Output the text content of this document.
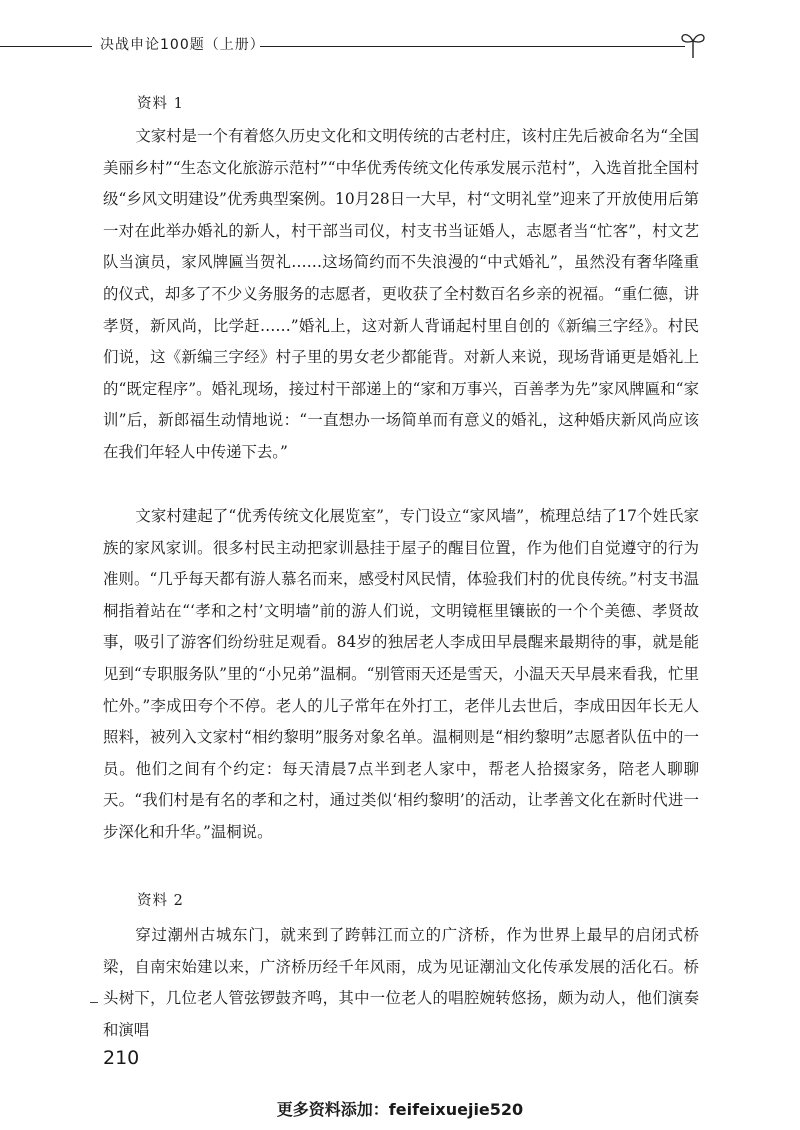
决战申论100题（上册）
资料 1

文家村是一个有着悠久历史文化和文明传统的古老村庄，该村庄先后被命名为“全国美丽乡村”“生态文化旅游示范村”“中华优秀传统文化传承发展示范村”，入选首批全国村级“乡风文明建设”优秀典型案例。10月28日一大早，村“文明礼堂”迎来了开放使用后第一对在此举办婚礼的新人，村干部当司仪，村支书当证婚人，志愿者当“忙客”，村文艺队当演员，家风牌匾当贺礼……这场简约而不失浪漫的“中式婚礼”，虽然没有奢华隆重的仪式，却多了不少义务服务的志愿者，更收获了全村数百名乡亲的祝福。“重仁德，讲孝贤，新风尚，比学赶……”婚礼上，这对新人背诵起村里自创的《新编三字经》。村民们说，这《新编三字经》村子里的男女老少都能背。对新人来说，现场背诵更是婚礼上的“既定程序”。婚礼现场，接过村干部递上的“家和万事兴，百善孝为先”家风牌匾和“家训”后，新郎福生动情地说：“一直想办一场简单而有意义的婚礼，这种婚庆新风尚应该在我们年轻人中传递下去。”

文家村建起了“优秀传统文化展览室”，专门设立“家风墙”，梳理总结了17个姓氏家族的家风家训。很多村民主动把家训悬挂于屋子的醒目位置，作为他们自觉遵守的行为准则。“几乎每天都有游人慕名而来，感受村风民情，体验我们村的优良传统。”村支书温桐指着站在“‘孝和之村’文明墙”前的游人们说，文明镜框里镶嵌的一个个美德、孝贤故事，吸引了游客们纷纷驻足观看。84岁的独居老人李成田早晨醒来最期待的事，就是能见到“专职服务队”里的“小兄弟”温桐。“别管雨天还是雪天，小温天天早晨来看我，忙里忙外。”李成田夸个不停。老人的儿子常年在外打工，老伴儿去世后，李成田因年长无人照料，被列入文家村“相约黎明”服务对象名单。温桐则是“相约黎明”志愿者队伍中的一员。他们之间有个约定：每天清晨7点半到老人家中，帮老人拾掇家务，陪老人聊聊天。“我们村是有名的孝和之村，通过类似‘相约黎明’的活动，让孝善文化在新时代进一步深化和升华。”温桐说。

资料 2

穿过潮州古城东门，就来到了跨韩江而立的广济桥，作为世界上最早的启闭式桥梁，自南宋始建以来，广济桥历经千年风雨，成为见证潮汕文化传承发展的活化石。桥头树下，几位老人管弦锣鼓齐鸣，其中一位老人的唱腔婉转悠扬，颇为动人，他们演奏和演唱

210
更多资料添加：feifeixuejie520
